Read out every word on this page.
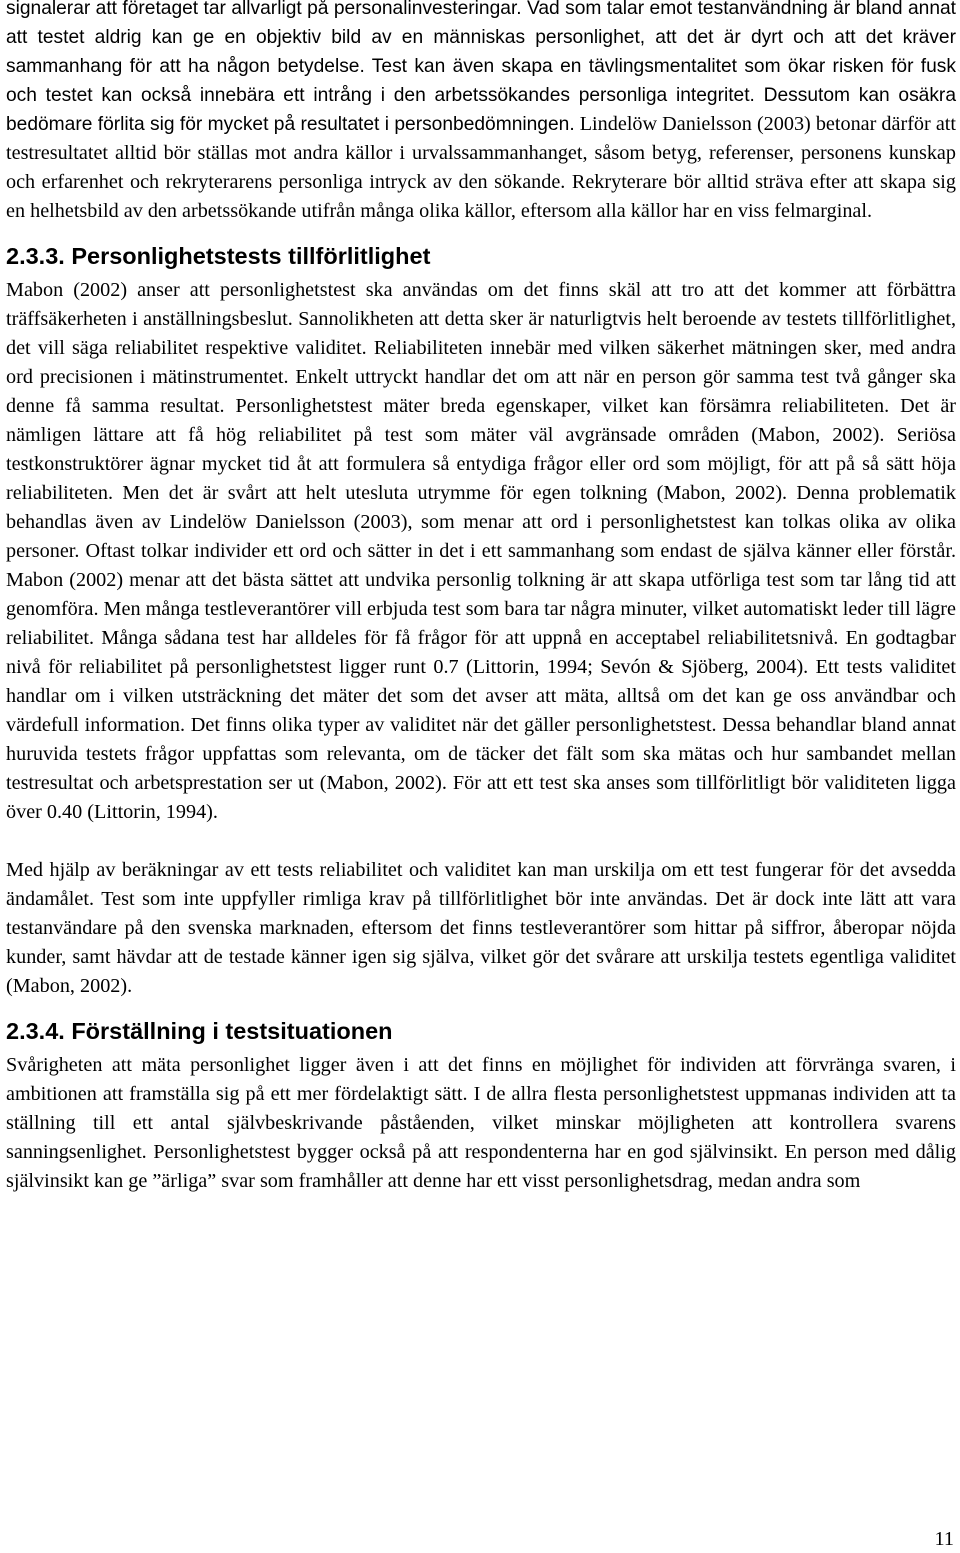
signalerar att företaget tar allvarligt på personalinvesteringar. Vad som talar emot testanvändning är bland annat att testet aldrig kan ge en objektiv bild av en människas personlighet, att det är dyrt och att det kräver sammanhang för att ha någon betydelse. Test kan även skapa en tävlingsmentalitet som ökar risken för fusk och testet kan också innebära ett intrång i den arbetssökandes personliga integritet. Dessutom kan osäkra bedömare förlita sig för mycket på resultatet i personbedömningen. Lindelöw Danielsson (2003) betonar därför att testresultatet alltid bör ställas mot andra källor i urvalssammanhanget, såsom betyg, referenser, personens kunskap och erfarenhet och rekryterarens personliga intryck av den sökande. Rekryterare bör alltid sträva efter att skapa sig en helhetsbild av den arbetssökande utifrån många olika källor, eftersom alla källor har en viss felmarginal.

2.3.3. Personlighetstests tillförlitlighet

Mabon (2002) anser att personlighetstest ska användas om det finns skäl att tro att det kommer att förbättra träffsäkerheten i anställningsbeslut. Sannolikheten att detta sker är naturligtvis helt beroende av testets tillförlitlighet, det vill säga reliabilitet respektive validitet. Reliabiliteten innebär med vilken säkerhet mätningen sker, med andra ord precisionen i mätinstrumentet. Enkelt uttryckt handlar det om att när en person gör samma test två gånger ska denne få samma resultat. Personlighetstest mäter breda egenskaper, vilket kan försämra reliabiliteten. Det är nämligen lättare att få hög reliabilitet på test som mäter väl avgränsade områden (Mabon, 2002). Seriösa testkonstruktörer ägnar mycket tid åt att formulera så entydiga frågor eller ord som möjligt, för att på så sätt höja reliabiliteten. Men det är svårt att helt utesluta utrymme för egen tolkning (Mabon, 2002). Denna problematik behandlas även av Lindelöw Danielsson (2003), som menar att ord i personlighetstest kan tolkas olika av olika personer. Oftast tolkar individer ett ord och sätter in det i ett sammanhang som endast de själva känner eller förstår. Mabon (2002) menar att det bästa sättet att undvika personlig tolkning är att skapa utförliga test som tar lång tid att genomföra. Men många testleverantörer vill erbjuda test som bara tar några minuter, vilket automatiskt leder till lägre reliabilitet. Många sådana test har alldeles för få frågor för att uppnå en acceptabel reliabilitetsnivå. En godtagbar nivå för reliabilitet på personlighetstest ligger runt 0.7 (Littorin, 1994; Sevón & Sjöberg, 2004). Ett tests validitet handlar om i vilken utsträckning det mäter det som det avser att mäta, alltså om det kan ge oss användbar och värdefull information. Det finns olika typer av validitet när det gäller personlighetstest. Dessa behandlar bland annat huruvida testets frågor uppfattas som relevanta, om de täcker det fält som ska mätas och hur sambandet mellan testresultat och arbetsprestation ser ut (Mabon, 2002). För att ett test ska anses som tillförlitligt bör validiteten ligga över 0.40 (Littorin, 1994).

Med hjälp av beräkningar av ett tests reliabilitet och validitet kan man urskilja om ett test fungerar för det avsedda ändamålet. Test som inte uppfyller rimliga krav på tillförlitlighet bör inte användas. Det är dock inte lätt att vara testanvändare på den svenska marknaden, eftersom det finns testleverantörer som hittar på siffror, åberopar nöjda kunder, samt hävdar att de testade känner igen sig själva, vilket gör det svårare att urskilja testets egentliga validitet (Mabon, 2002).

2.3.4. Förställning i testsituationen

Svårigheten att mäta personlighet ligger även i att det finns en möjlighet för individen att förvränga svaren, i ambitionen att framställa sig på ett mer fördelaktigt sätt. I de allra flesta personlighetstest uppmanas individen att ta ställning till ett antal självbeskrivande påståenden, vilket minskar möjligheten att kontrollera svarens sanningsenlighet. Personlighetstest bygger också på att respondenterna har en god självinsikt. En person med dålig självinsikt kan ge ”ärliga” svar som framhåller att denne har ett visst personlighetsdrag, medan andra som

11
